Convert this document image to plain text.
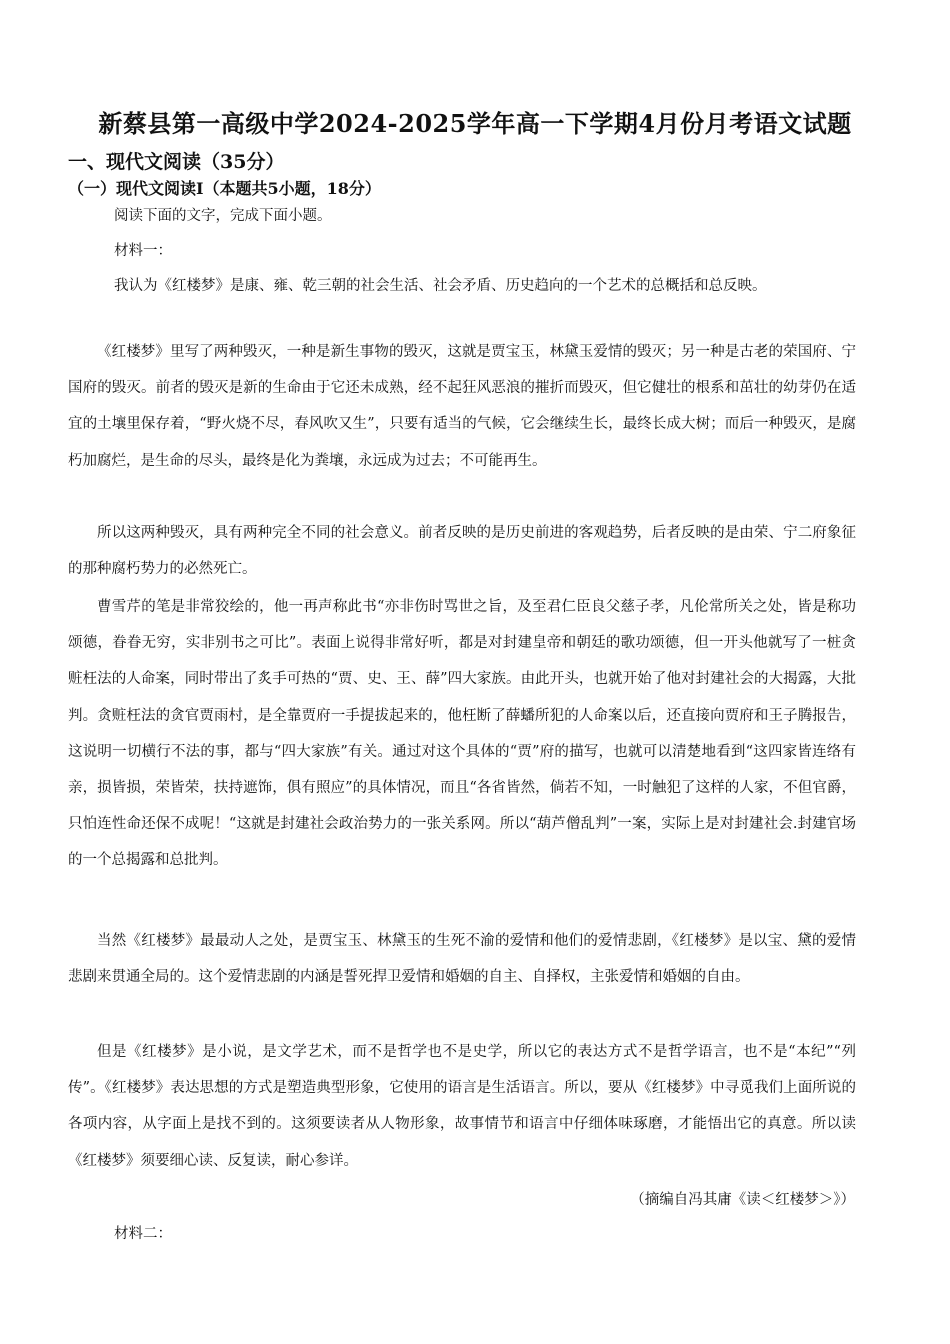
新蔡县第一高级中学2024-2025学年高一下学期4月份月考语文试题
一、现代文阅读（35分）
（一）现代文阅读Ⅰ（本题共5小题，18分）
阅读下面的文字，完成下面小题。
材料一：
我认为《红楼梦》是康、雍、乾三朝的社会生活、社会矛盾、历史趋向的一个艺术的总概括和总反映。
《红楼梦》里写了两种毁灭，一种是新生事物的毁灭，这就是贾宝玉，林黛玉爱情的毁灭；另一种是古老的荣国府、宁国府的毁灭。前者的毁灭是新的生命由于它还未成熟，经不起狂风恶浪的摧折而毁灭，但它健壮的根系和茁壮的幼芽仍在适宜的土壤里保存着，“野火烧不尽，春风吹又生”，只要有适当的气候，它会继续生长，最终长成大树；而后一种毁灭，是腐朽加腐烂，是生命的尽头，最终是化为粪壤，永远成为过去；不可能再生。
所以这两种毁灭，具有两种完全不同的社会意义。前者反映的是历史前进的客观趋势，后者反映的是由荣、宁二府象征的那种腐朽势力的必然死亡。
曹雪芹的笔是非常狡绘的，他一再声称此书“亦非伤时骂世之旨，及至君仁臣良父慈子孝，凡伦常所关之处，皆是称功颂德，眷眷无穷，实非别书之可比”。表面上说得非常好听，都是对封建皇帝和朝廷的歌功颂德，但一开头他就写了一桩贪赃枉法的人命案，同时带出了炙手可热的“贾、史、王、薛”四大家族。由此开头，也就开始了他对封建社会的大揭露，大批判。贪赃枉法的贪官贾雨村，是全靠贾府一手提拔起来的，他枉断了薛蟠所犯的人命案以后，还直接向贾府和王子腾报告，这说明一切横行不法的事，都与“四大家族”有关。通过对这个具体的“贾”府的描写，也就可以清楚地看到“这四家皆连络有亲，损皆损，荣皆荣，扶持遮饰，俱有照应”的具体情况，而且“各省皆然，倘若不知，一时触犯了这样的人家，不但官爵，只怕连性命还保不成呢！“这就是封建社会政治势力的一张关系网。所以“葫芦僧乱判”一案，实际上是对封建社会.封建官场的一个总揭露和总批判。
当然《红楼梦》最最动人之处，是贾宝玉、林黛玉的生死不渝的爱情和他们的爱情悲剧，《红楼梦》是以宝、黛的爱情悲剧来贯通全局的。这个爱情悲剧的内涵是誓死捍卫爱情和婚姻的自主、自择权，主张爱情和婚姻的自由。
但是《红楼梦》是小说，是文学艺术，而不是哲学也不是史学，所以它的表达方式不是哲学语言，也不是“本纪”“列传”。《红楼梦》表达思想的方式是塑造典型形象，它使用的语言是生活语言。所以，要从《红楼梦》中寻觅我们上面所说的各项内容，从字面上是找不到的。这须要读者从人物形象，故事情节和语言中仔细体味琢磨，才能悟出它的真意。所以读《红楼梦》须要细心读、反复读，耐心参详。
（摘编自冯其庸《读＜红楼梦＞》）
材料二：
